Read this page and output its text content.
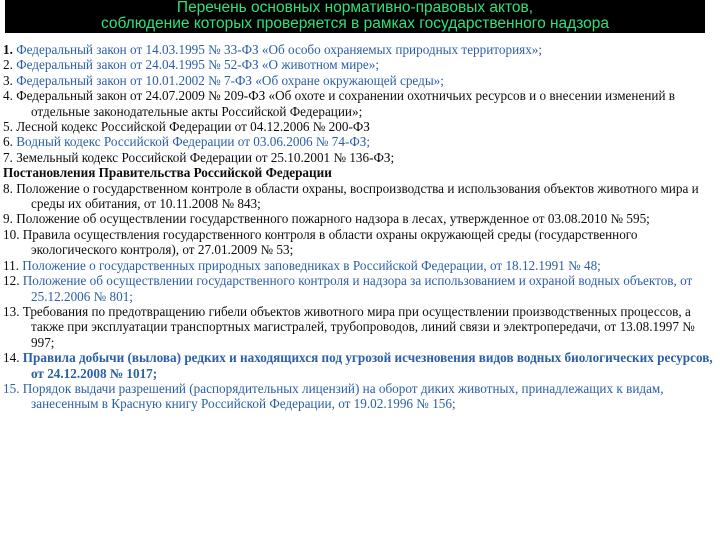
Перечень основных нормативно-правовых актов,
соблюдение которых проверяется в рамках государственного надзора
1. Федеральный закон от 14.03.1995 № 33-ФЗ «Об особо охраняемых природных территориях»;
2. Федеральный закон от 24.04.1995 № 52-ФЗ «О животном мире»;
3. Федеральный закон от 10.01.2002 № 7-ФЗ «Об охране окружающей среды»;
4. Федеральный закон от 24.07.2009 № 209-ФЗ «Об охоте и сохранении охотничьих ресурсов и о внесении изменений в отдельные законодательные акты Российской Федерации»;
5. Лесной кодекс Российской Федерации от 04.12.2006 № 200-ФЗ
6. Водный кодекс Российской Федерации от 03.06.2006 № 74-ФЗ;
7. Земельный кодекс Российской Федерации от 25.10.2001 № 136-ФЗ;
Постановления Правительства Российской Федерации
8. Положение о государственном контроле в области охраны, воспроизводства и использования объектов животного мира и среды их обитания, от 10.11.2008 № 843;
9. Положение об осуществлении государственного пожарного надзора в лесах, утвержденное от 03.08.2010 № 595;
10. Правила осуществления государственного контроля в области охраны окружающей среды (государственного экологического контроля), от 27.01.2009 № 53;
11. Положение о государственных природных заповедниках в Российской Федерации, от 18.12.1991 № 48;
12. Положение об осуществлении государственного контроля и надзора за использованием и охраной водных объектов, от 25.12.2006 № 801;
13. Требования по предотвращению гибели объектов животного мира при осуществлении производственных процессов, а также при эксплуатации транспортных магистралей, трубопроводов, линий связи и электропередачи, от 13.08.1997 № 997;
14. Правила добычи (вылова) редких и находящихся под угрозой исчезновения видов водных биологических ресурсов, от 24.12.2008 № 1017;
15. Порядок выдачи разрешений (распорядительных лицензий) на оборот диких животных, принадлежащих к видам, занесенным в Красную книгу Российской Федерации, от 19.02.1996 № 156;
